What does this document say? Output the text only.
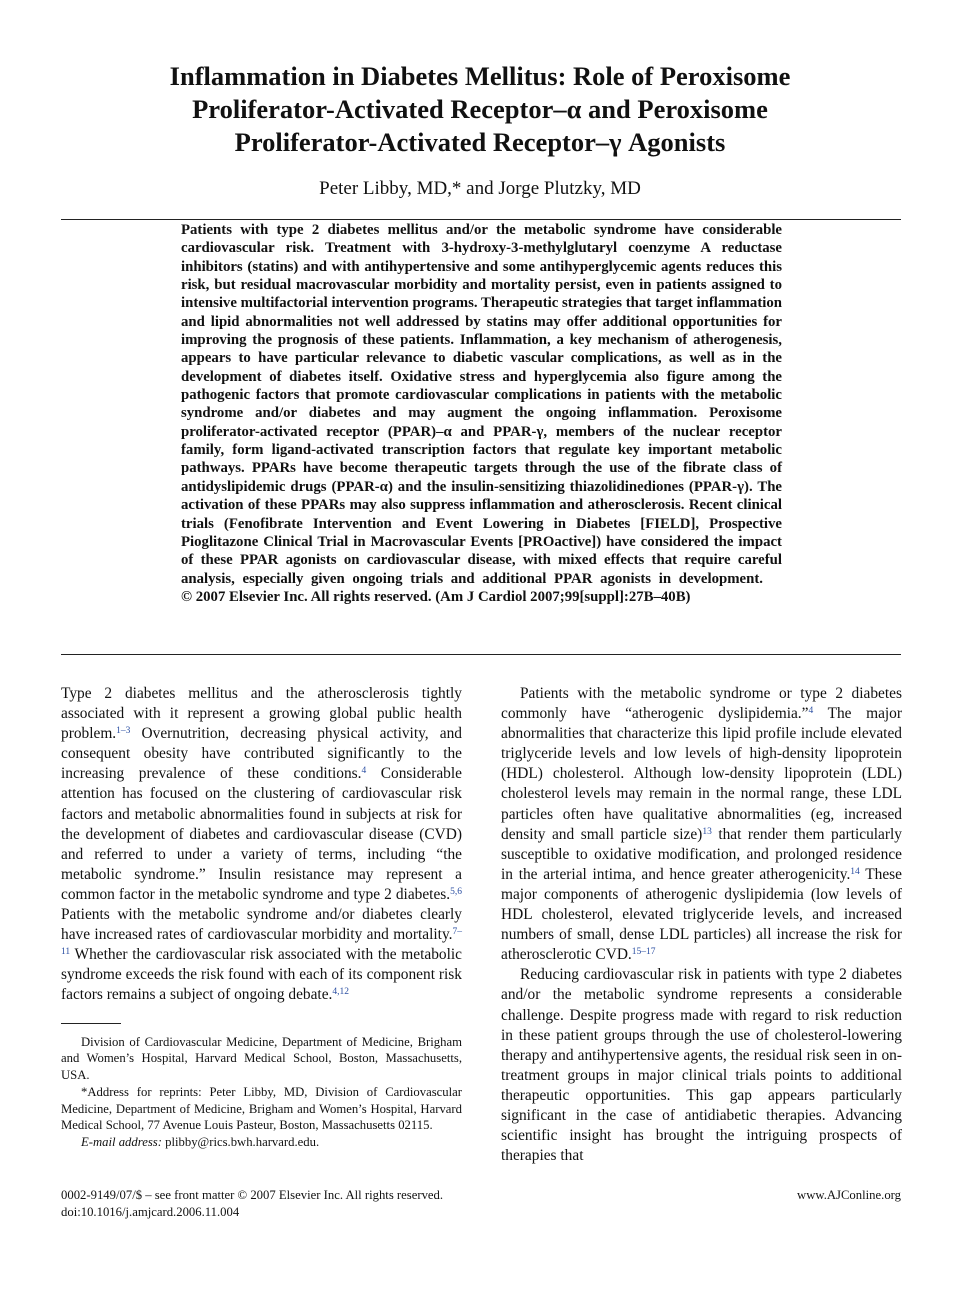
Inflammation in Diabetes Mellitus: Role of Peroxisome
Proliferator-Activated Receptor–α and Peroxisome
Proliferator-Activated Receptor–γ Agonists
Peter Libby, MD,* and Jorge Plutzky, MD
Patients with type 2 diabetes mellitus and/or the metabolic syndrome have considerable cardiovascular risk. Treatment with 3-hydroxy-3-methylglutaryl coenzyme A reductase inhibitors (statins) and with antihypertensive and some antihyperglycemic agents reduces this risk, but residual macrovascular morbidity and mortality persist, even in patients assigned to intensive multifactorial intervention programs. Therapeutic strategies that target inflammation and lipid abnormalities not well addressed by statins may offer additional opportunities for improving the prognosis of these patients. Inflammation, a key mechanism of atherogenesis, appears to have particular relevance to diabetic vascular complications, as well as in the development of diabetes itself. Oxidative stress and hyperglycemia also figure among the pathogenic factors that promote cardiovascular complications in patients with the metabolic syndrome and/or diabetes and may augment the ongoing inflammation. Peroxisome proliferator-activated receptor (PPAR)–α and PPAR-γ, members of the nuclear receptor family, form ligand-activated transcription factors that regulate key important metabolic pathways. PPARs have become therapeutic targets through the use of the fibrate class of antidyslipidemic drugs (PPAR-α) and the insulin-sensitizing thiazolidinediones (PPAR-γ). The activation of these PPARs may also suppress inflammation and atherosclerosis. Recent clinical trials (Fenofibrate Intervention and Event Lowering in Diabetes [FIELD], Prospective Pioglitazone Clinical Trial in Macrovascular Events [PROactive]) have considered the impact of these PPAR agonists on cardiovascular disease, with mixed effects that require careful analysis, especially given ongoing trials and additional PPAR agonists in development.    © 2007 Elsevier Inc. All rights reserved. (Am J Cardiol 2007;99[suppl]:27B–40B)

Type 2 diabetes mellitus and the atherosclerosis tightly associated with it represent a growing global public health problem.$^{1-3}$ Overnutrition, decreasing physical activity, and consequent obesity have contributed significantly to the increasing prevalence of these conditions.$^4$ Considerable attention has focused on the clustering of cardiovascular risk factors and metabolic abnormalities found in subjects at risk for the development of diabetes and cardiovascular disease (CVD) and referred to under a variety of terms, including “the metabolic syndrome.” Insulin resistance may represent a common factor in the metabolic syndrome and type 2 diabetes.$^{5,6}$ Patients with the metabolic syndrome and/or diabetes clearly have increased rates of cardiovascular morbidity and mortality.$^{7-11}$ Whether the cardiovascular risk associated with the metabolic syndrome exceeds the risk found with each of its component risk factors remains a subject of ongoing debate.$^{4,12}$

Division of Cardiovascular Medicine, Department of Medicine, Brigham and Women’s Hospital, Harvard Medical School, Boston, Massachusetts, USA.

*Address for reprints: Peter Libby, MD, Division of Cardiovascular Medicine, Department of Medicine, Brigham and Women’s Hospital, Harvard Medical School, 77 Avenue Louis Pasteur, Boston, Massachusetts 02115.

E-mail address: plibby@rics.bwh.harvard.edu.

Patients with the metabolic syndrome or type 2 diabetes commonly have “atherogenic dyslipidemia.”$^4$ The major abnormalities that characterize this lipid profile include elevated triglyceride levels and low levels of high-density lipoprotein (HDL) cholesterol. Although low-density lipoprotein (LDL) cholesterol levels may remain in the normal range, these LDL particles often have qualitative abnormalities (eg, increased density and small particle size)$^{13}$ that render them particularly susceptible to oxidative modification, and prolonged residence in the arterial intima, and hence greater atherogenicity.$^{14}$ These major components of atherogenic dyslipidemia (low levels of HDL cholesterol, elevated triglyceride levels, and increased numbers of small, dense LDL particles) all increase the risk for atherosclerotic CVD.$^{15-17}$

Reducing cardiovascular risk in patients with type 2 diabetes and/or the metabolic syndrome represents a considerable challenge. Despite progress made with regard to risk reduction in these patient groups through the use of cholesterol-lowering therapy and antihypertensive agents, the residual risk seen in on-treatment groups in major clinical trials points to additional therapeutic opportunities. This gap appears particularly significant in the case of antidiabetic therapies. Advancing scientific insight has brought the intriguing prospects of therapies that

0002-9149/07/$ – see front matter © 2007 Elsevier Inc. All rights reserved.
doi:10.1016/j.amjcard.2006.11.004
www.AJConline.org
